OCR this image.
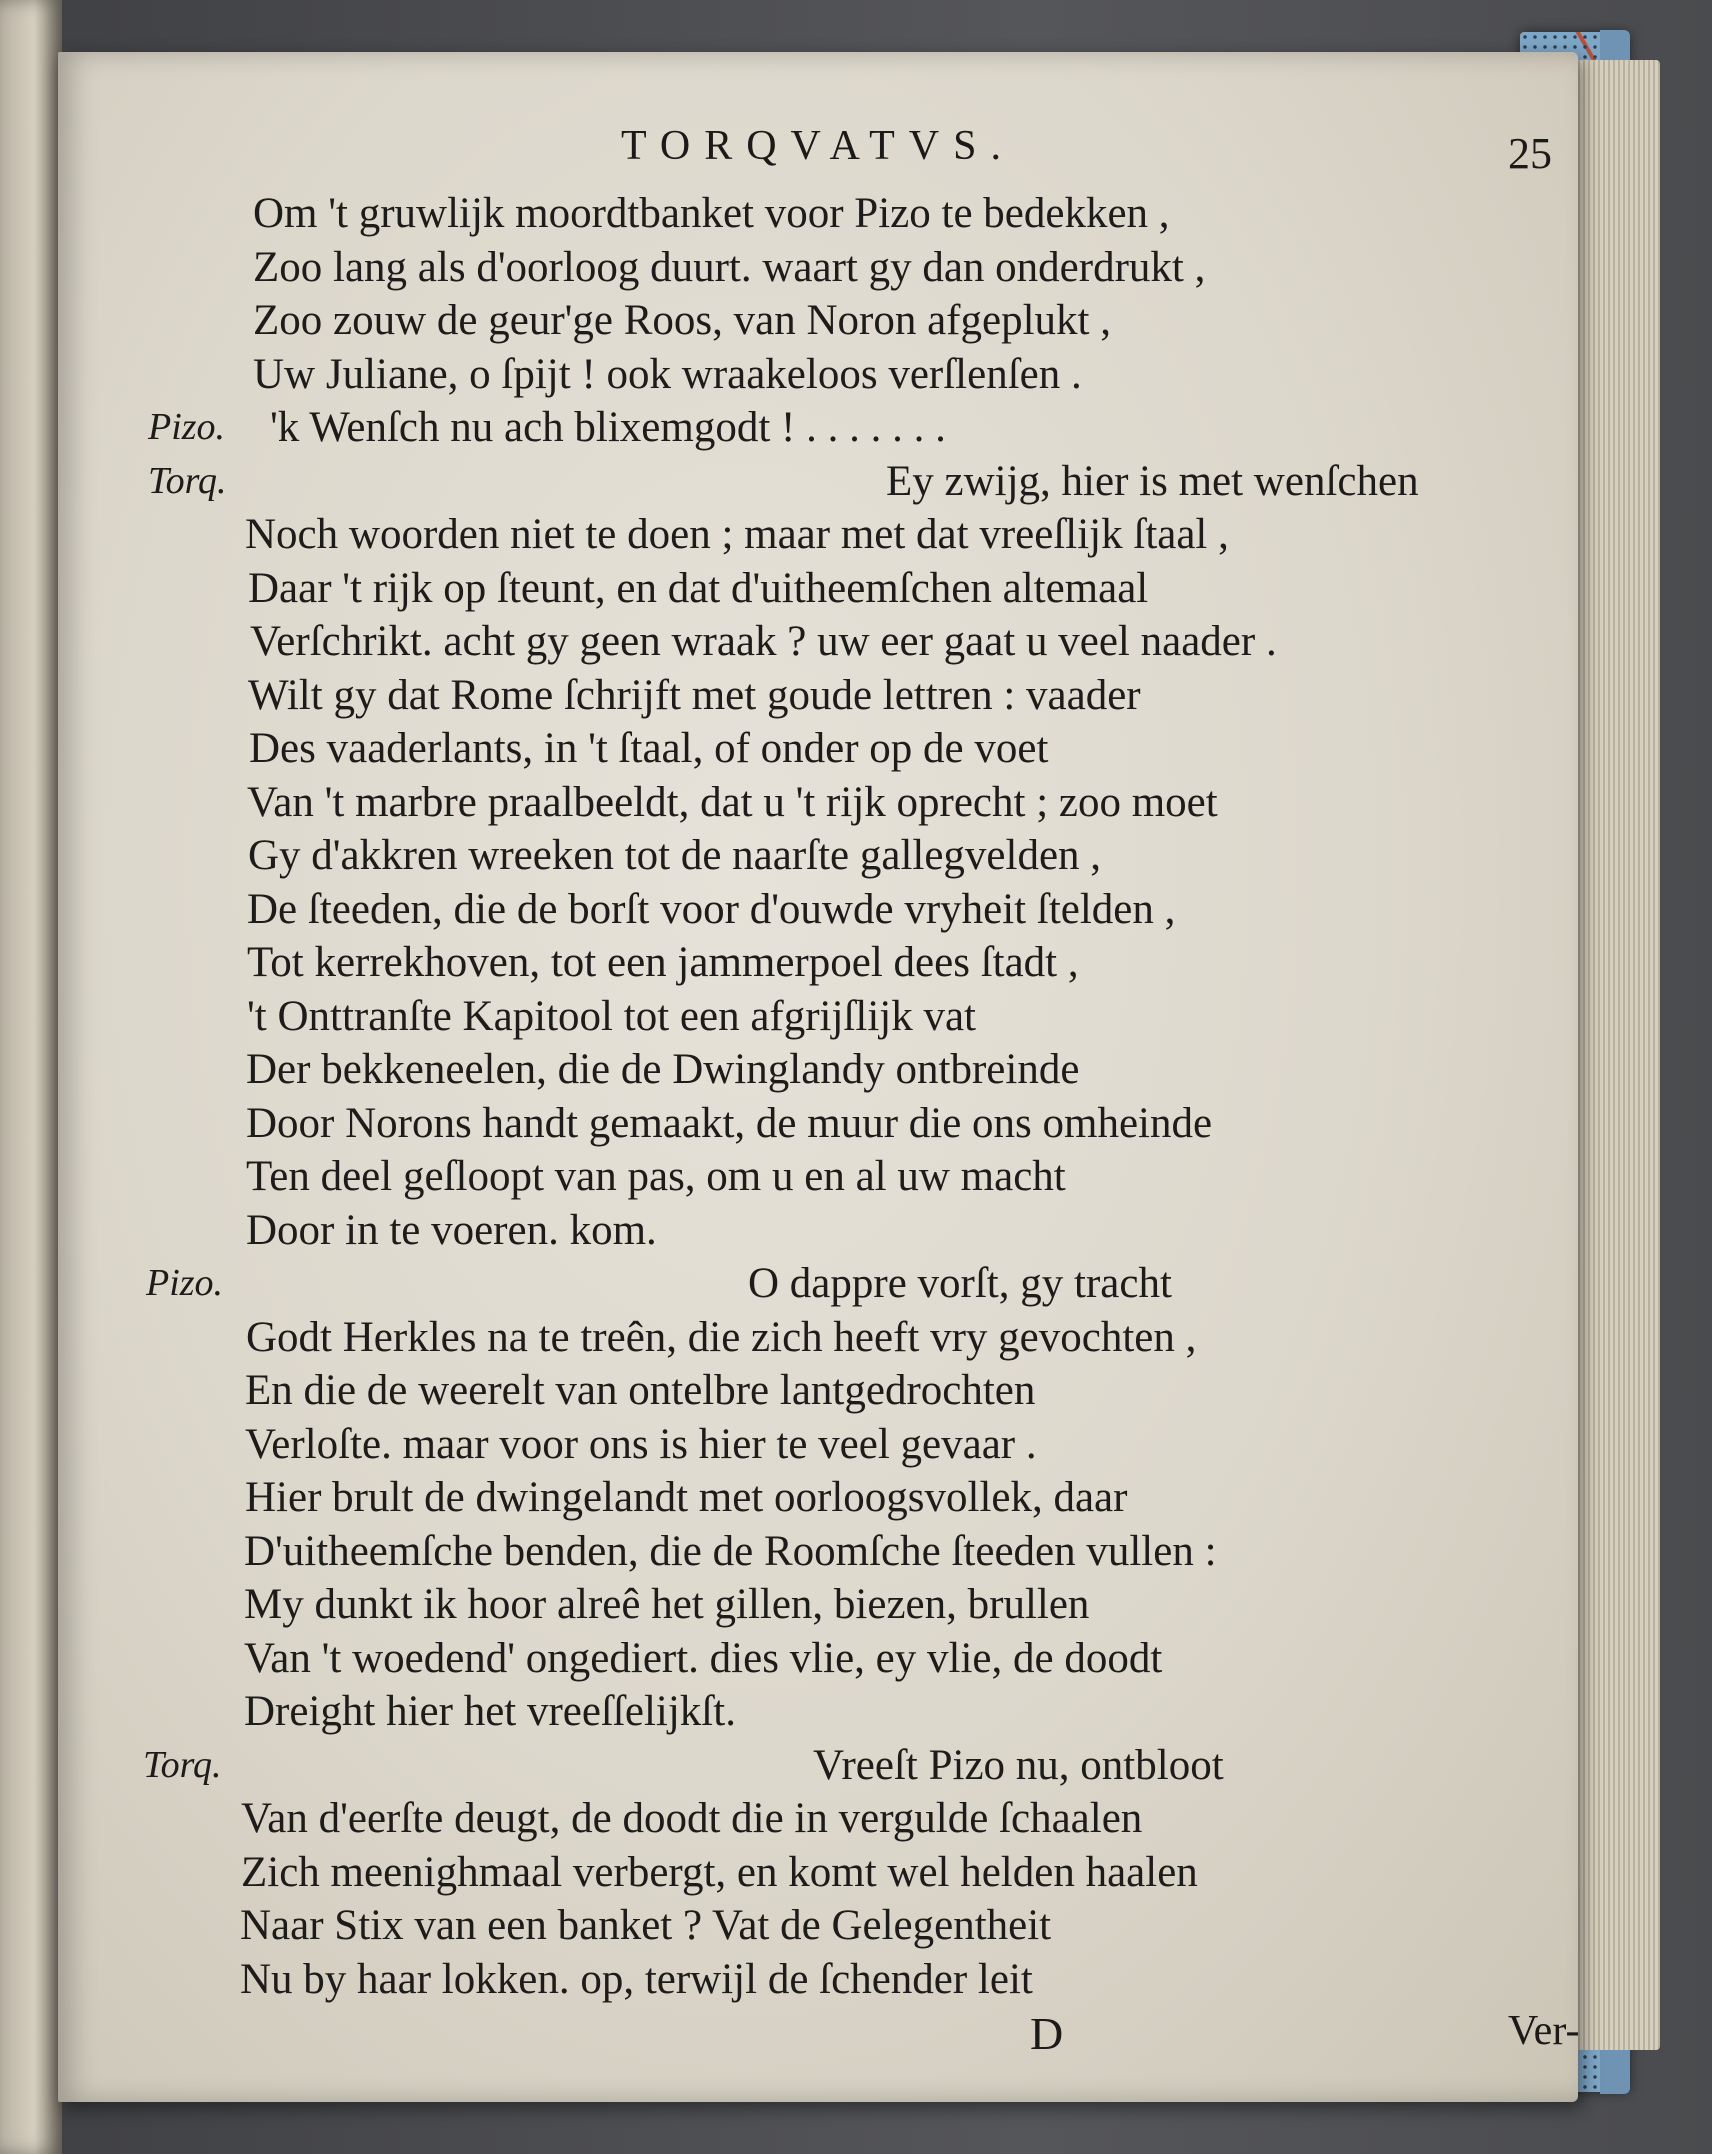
TORQVATVS.	25
Om 't gruwlijk moordtbanket voor Pizo te bedekken ,
Zoo lang als d'oorloog duurt. waart gy dan onderdrukt ,
Zoo zouw de geur'ge Roos, van Noron afgeplukt ,
Uw Juliane, o ſpijt ! ook wraakeloos verſlenſen .
Pizo. 'k Wenſch nu ach blixemgodt ! . . . . . . .
Torq.	Ey zwijg, hier is met wenſchen
Noch woorden niet te doen ; maar met dat vreeſlijk ſtaal ,
Daar 't rijk op ſteunt, en dat d'uitheemſchen altemaal
Verſchrikt. acht gy geen wraak ? uw eer gaat u veel naader .
Wilt gy dat Rome ſchrijft met goude lettren : vaader
Des vaaderlants, in 't ſtaal, of onder op de voet
Van 't marbre praalbeeldt, dat u 't rijk oprecht ; zoo moet
Gy d'akkren wreeken tot de naarſte gallegvelden ,
De ſteeden, die de borſt voor d'ouwde vryheit ſtelden ,
Tot kerrekhoven, tot een jammerpoel dees ſtadt ,
't Onttranſte Kapitool tot een afgrijſlijk vat
Der bekkeneelen, die de Dwinglandy ontbreinde
Door Norons handt gemaakt, de muur die ons omheinde
Ten deel geſloopt van pas, om u en al uw macht
Door in te voeren. kom.
Pizo.	O dappre vorſt, gy tracht
Godt Herkles na te treên, die zich heeft vry gevochten ,
En die de weerelt van ontelbre lantgedrochten
Verloſte. maar voor ons is hier te veel gevaar .
Hier brult de dwingelandt met oorloogsvollek, daar
D'uitheemſche benden, die de Roomſche ſteeden vullen :
My dunkt ik hoor alreê het gillen, biezen, brullen
Van 't woedend' ongediert. dies vlie, ey vlie, de doodt
Dreight hier het vreeſſelijkſt.
Torq.	Vreeſt Pizo nu, ontbloot
Van d'eerſte deugt, de doodt die in vergulde ſchaalen
Zich meenighmaal verbergt, en komt wel helden haalen
Naar Stix van een banket ? Vat de Gelegentheit
Nu by haar lokken. op, terwijl de ſchender leit
D	Ver-
